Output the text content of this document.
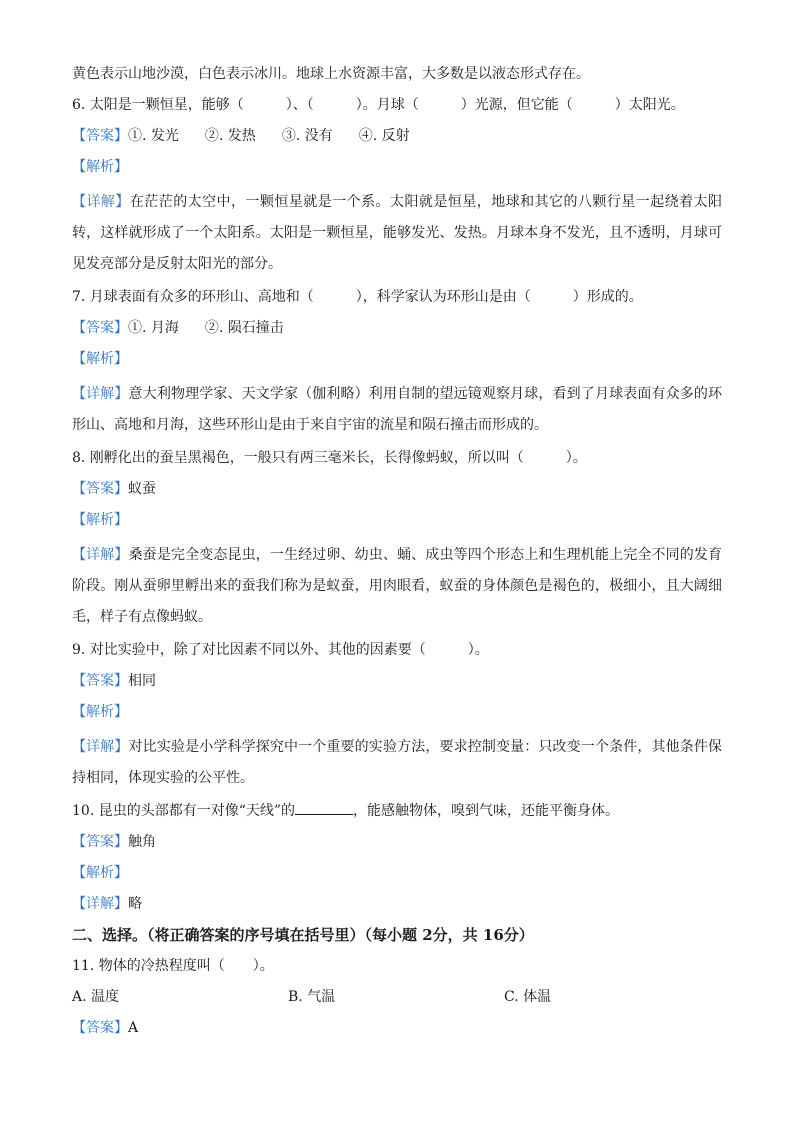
黄色表示山地沙漠，白色表示冰川。地球上水资源丰富，大多数是以液态形式存在。
6. 太阳是一颗恒星，能够（　　　）、（　　　）。月球（　　　）光源，但它能（　　　）太阳光。
【答案】①. 发光 ②. 发热 ③. 没有 ④. 反射
【解析】
【详解】在茫茫的太空中，一颗恒星就是一个系。太阳就是恒星，地球和其它的八颗行星一起绕着太阳转，这样就形成了一个太阳系。太阳是一颗恒星，能够发光、发热。月球本身不发光，且不透明，月球可见发亮部分是反射太阳光的部分。
7. 月球表面有众多的环形山、高地和（　　　），科学家认为环形山是由（　　　）形成的。
【答案】①. 月海 ②. 陨石撞击
【解析】
【详解】意大利物理学家、天文学家（伽利略）利用自制的望远镜观察月球，看到了月球表面有众多的环形山、高地和月海，这些环形山是由于来自宇宙的流星和陨石撞击而形成的。
8. 刚孵化出的蚕呈黑褐色，一般只有两三毫米长，长得像蚂蚁，所以叫（　　　）。
【答案】蚁蚕
【解析】
【详解】桑蚕是完全变态昆虫，一生经过卵、幼虫、蛹、成虫等四个形态上和生理机能上完全不同的发育阶段。刚从蚕卵里孵出来的蚕我们称为是蚁蚕，用肉眼看，蚁蚕的身体颜色是褐色的，极细小，且大阔细毛，样子有点像蚂蚁。
9. 对比实验中，除了对比因素不同以外、其他的因素要（　　　）。
【答案】相同
【解析】
【详解】对比实验是小学科学探究中一个重要的实验方法，要求控制变量：只改变一个条件，其他条件保持相同，体现实验的公平性。
10. 昆虫的头部都有一对像“天线”的	，能感触物体，嗅到气味，还能平衡身体。
【答案】触角
【解析】
【详解】略
二、选择。（将正确答案的序号填在括号里）（每小题 2分，共 16分）
11. 物体的冷热程度叫（　　）。
A. 温度	B. 气温	C. 体温
【答案】A
